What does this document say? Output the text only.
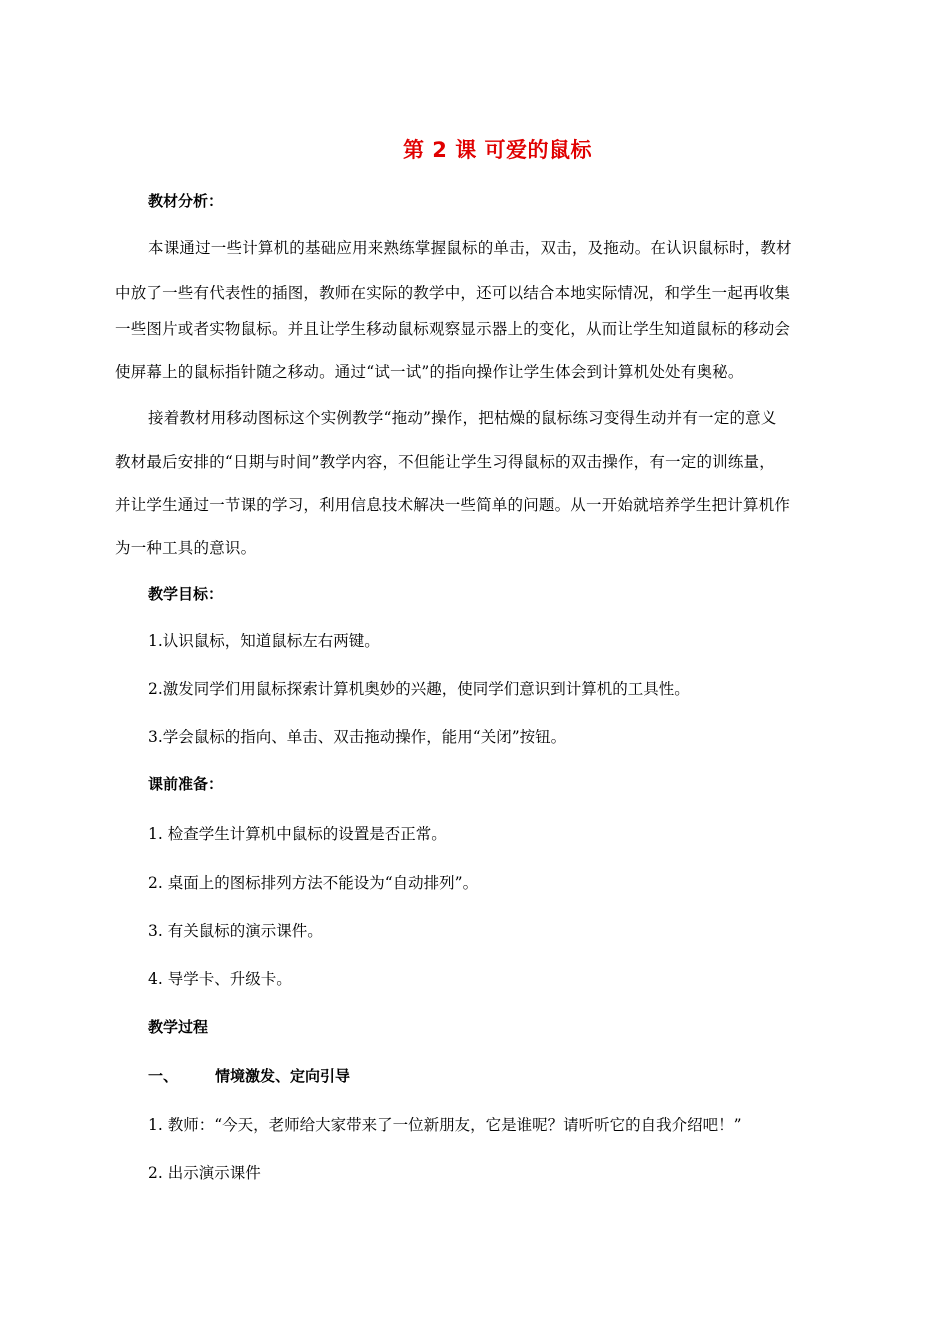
第 2 课 可爱的鼠标
教材分析：
本课通过一些计算机的基础应用来熟练掌握鼠标的单击，双击，及拖动。在认识鼠标时，教材
中放了一些有代表性的插图，教师在实际的教学中，还可以结合本地实际情况，和学生一起再收集
一些图片或者实物鼠标。并且让学生移动鼠标观察显示器上的变化，从而让学生知道鼠标的移动会
使屏幕上的鼠标指针随之移动。通过“试一试”的指向操作让学生体会到计算机处处有奥秘。
接着教材用移动图标这个实例教学“拖动”操作，把枯燥的鼠标练习变得生动并有一定的意义
教材最后安排的“日期与时间”教学内容，不但能让学生习得鼠标的双击操作，有一定的训练量，
并让学生通过一节课的学习，利用信息技术解决一些简单的问题。从一开始就培养学生把计算机作
为一种工具的意识。
教学目标：
1.认识鼠标，知道鼠标左右两键。
2.激发同学们用鼠标探索计算机奥妙的兴趣，使同学们意识到计算机的工具性。
3.学会鼠标的指向、单击、双击拖动操作，能用“关闭”按钮。
课前准备：
1. 检查学生计算机中鼠标的设置是否正常。
2. 桌面上的图标排列方法不能设为“自动排列”。
3. 有关鼠标的演示课件。
4. 导学卡、升级卡。
教学过程
一、 情境激发、定向引导
1. 教师：“今天，老师给大家带来了一位新朋友，它是谁呢？请听听它的自我介绍吧！”
2. 出示演示课件
